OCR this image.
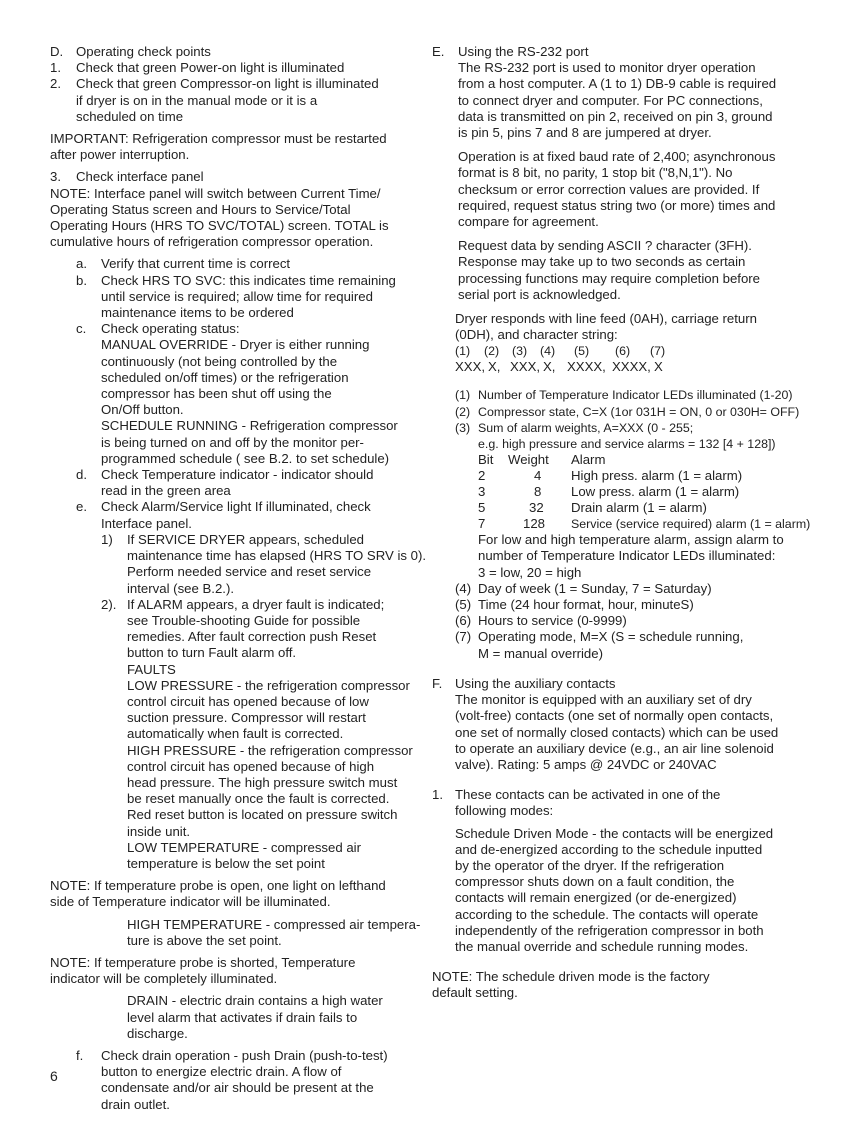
D. Operating check points
1. Check that green Power-on light is illuminated
2. Check that green Compressor-on light is illuminated
if dryer is on in the manual mode or it is a
scheduled on time
IMPORTANT: Refrigeration compressor must be restarted
after power interruption.
3. Check interface panel
NOTE: Interface panel will switch between Current Time/
Operating Status screen and Hours to Service/Total
Operating Hours (HRS TO SVC/TOTAL) screen. TOTAL is
cumulative hours of refrigeration compressor operation.
a. Verify that current time is correct
b. Check HRS TO SVC: this indicates time remaining
until service is required; allow time for required
maintenance items to be ordered
c. Check operating status:
MANUAL OVERRIDE - Dryer is either running
continuously (not being controlled by the
scheduled on/off times) or the refrigeration
compressor has been shut off using the
On/Off button.
SCHEDULE RUNNING - Refrigeration compressor
is being turned on and off by the monitor per-
programmed schedule ( see B.2. to set schedule)
d. Check Temperature indicator - indicator should
read in the green area
e. Check Alarm/Service light If illuminated, check
Interface panel.
1) If SERVICE DRYER appears, scheduled
maintenance time has elapsed (HRS TO SRV is 0).
Perform needed service and reset service
interval (see B.2.).
2). If ALARM appears, a dryer fault is indicated;
see Trouble-shooting Guide for possible
remedies. After fault correction push Reset
button to turn Fault alarm off.
FAULTS
LOW PRESSURE - the refrigeration compressor
control circuit has opened because of low
suction pressure. Compressor will restart
automatically when fault is corrected.
HIGH PRESSURE - the refrigeration compressor
control circuit has opened because of high
head pressure. The high pressure switch must
be reset manually once the fault is corrected.
Red reset button is located on pressure switch
inside unit.
LOW TEMPERATURE - compressed air
temperature is below the set point
NOTE: If temperature probe is open, one light on lefthand
side of Temperature indicator will be illuminated.
HIGH TEMPERATURE - compressed air tempera-
ture is above the set point.
NOTE: If temperature probe is shorted, Temperature
indicator will be completely illuminated.
DRAIN - electric drain contains a high water
level alarm that activates if drain fails to
discharge.
f. Check drain operation - push Drain (push-to-test)
button to energize electric drain. A flow of
condensate and/or air should be present at the
drain outlet.
E. Using the RS-232 port
The RS-232 port is used to monitor dryer operation
from a host computer. A (1 to 1) DB-9 cable is required
to connect dryer and computer. For PC connections,
data is transmitted on pin 2, received on pin 3, ground
is pin 5, pins 7 and 8 are jumpered at dryer.
Operation is at fixed baud rate of 2,400; asynchronous
format is 8 bit, no parity, 1 stop bit ("8,N,1"). No
checksum or error correction values are provided. If
required, request status string two (or more) times and
compare for agreement.
Request data by sending ASCII ? character (3FH).
Response may take up to two seconds as certain
processing functions may require completion before
serial port is acknowledged.
Dryer responds with line feed (0AH), carriage return
(0DH), and character string:
(1) (2) (3) (4) (5) (6) (7)
XXX, X, XXX, X, XXXX, XXXX, X
(1) Number of Temperature Indicator LEDs illuminated (1-20)
(2) Compressor state, C=X (1or 031H = ON, 0 or 030H= OFF)
(3) Sum of alarm weights, A=XXX (0 - 255;
e.g. high pressure and service alarms = 132 [4 + 128])
Bit Weight Alarm
2	4 High press. alarm (1 = alarm)
3	8 Low press. alarm (1 = alarm)
5	32 Drain alarm (1 = alarm)
7	128 Service (service required) alarm (1 = alarm)
For low and high temperature alarm, assign alarm to
number of Temperature Indicator LEDs illuminated:
3 = low, 20 = high
(4) Day of week (1 = Sunday, 7 = Saturday)
(5) Time (24 hour format, hour, minuteS)
(6) Hours to service (0-9999)
(7) Operating mode, M=X (S = schedule running,
M = manual override)
F. Using the auxiliary contacts
The monitor is equipped with an auxiliary set of dry
(volt-free) contacts (one set of normally open contacts,
one set of normally closed contacts) which can be used
to operate an auxiliary device (e.g., an air line solenoid
valve). Rating: 5 amps @ 24VDC or 240VAC
1. These contacts can be activated in one of the
following modes:
Schedule Driven Mode - the contacts will be energized
and de-energized according to the schedule inputted
by the operator of the dryer. If the refrigeration
compressor shuts down on a fault condition, the
contacts will remain energized (or de-energized)
according to the schedule. The contacts will operate
independently of the refrigeration compressor in both
the manual override and schedule running modes.
NOTE: The schedule driven mode is the factory
default setting.
6
